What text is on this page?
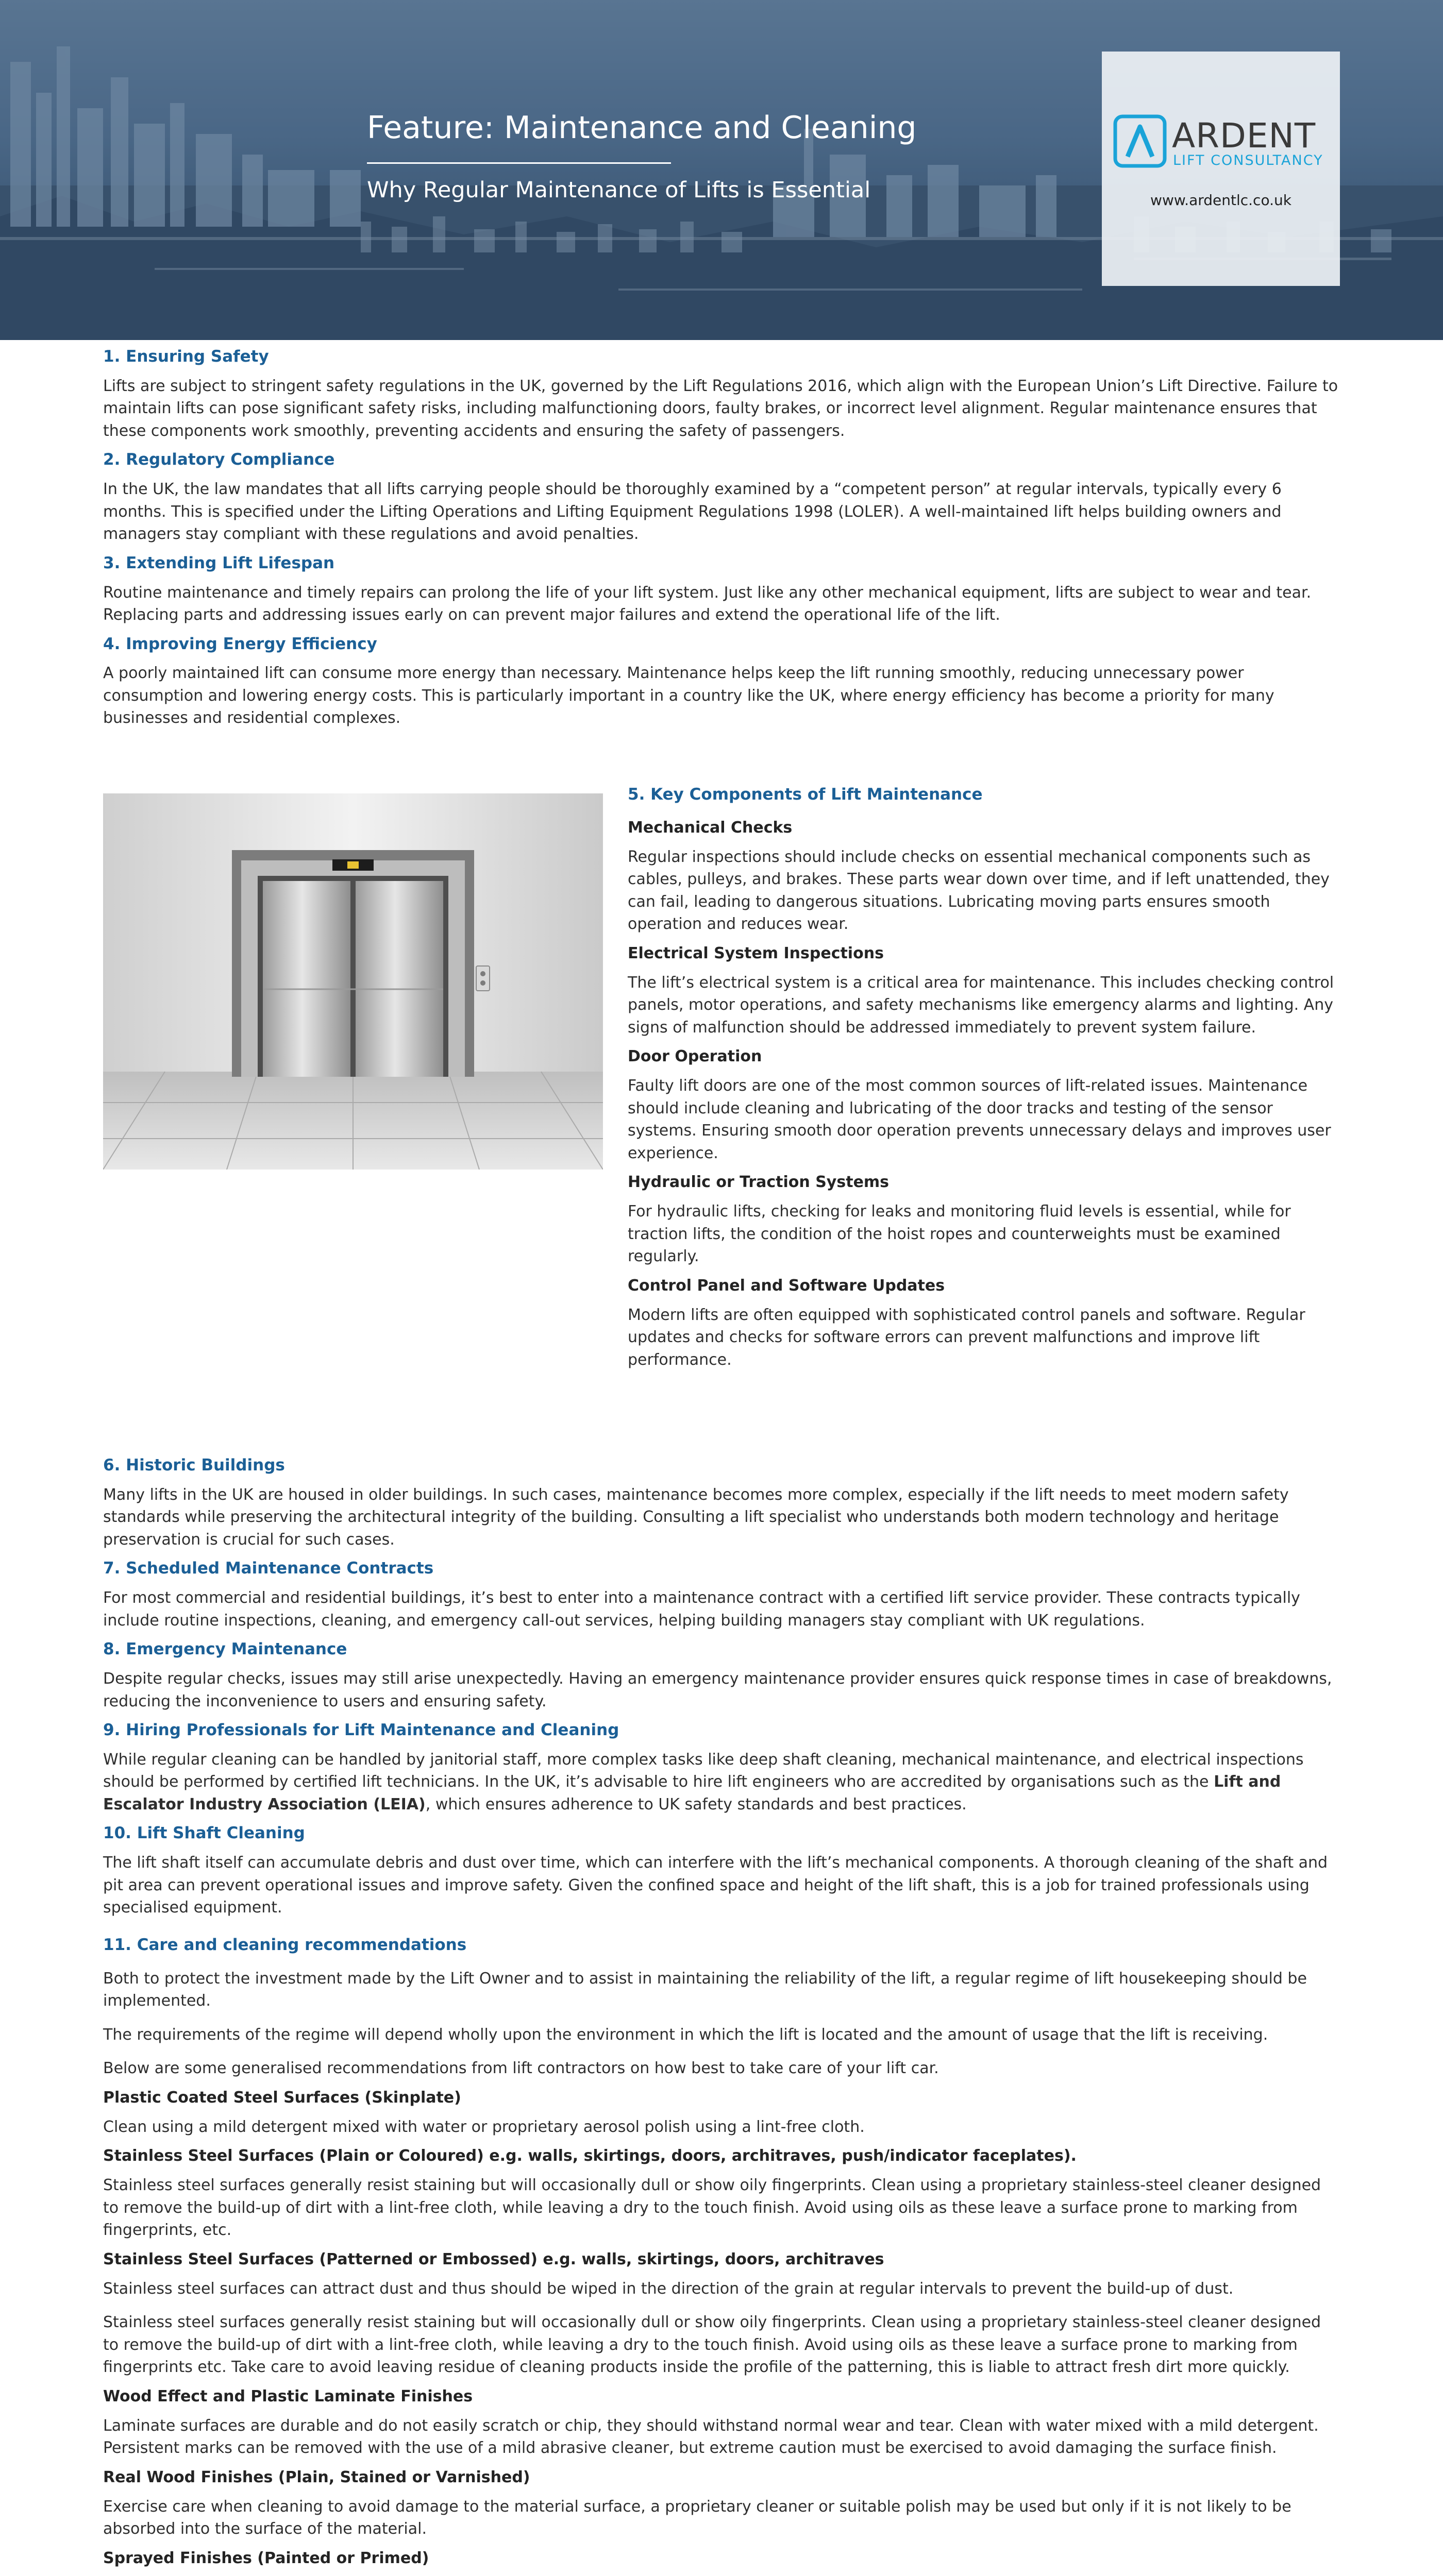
Feature: Maintenance and Cleaning
Why Regular Maintenance of Lifts is Essential
ARDENT
LIFT CONSULTANCY
www.ardentlc.co.uk
1. Ensuring Safety

Lifts are subject to stringent safety regulations in the UK, governed by the Lift Regulations 2016, which align with the European Union’s Lift Directive. Failure to maintain lifts can pose significant safety risks, including malfunctioning doors, faulty brakes, or incorrect level alignment. Regular maintenance ensures that these components work smoothly, preventing accidents and ensuring the safety of passengers.

2. Regulatory Compliance

In the UK, the law mandates that all lifts carrying people should be thoroughly examined by a “competent person” at regular intervals, typically every 6 months. This is specified under the Lifting Operations and Lifting Equipment Regulations 1998 (LOLER). A well-maintained lift helps building owners and managers stay compliant with these regulations and avoid penalties.

3. Extending Lift Lifespan

Routine maintenance and timely repairs can prolong the life of your lift system. Just like any other mechanical equipment, lifts are subject to wear and tear. Replacing parts and addressing issues early on can prevent major failures and extend the operational life of the lift.

4. Improving Energy Efficiency

A poorly maintained lift can consume more energy than necessary. Maintenance helps keep the lift running smoothly, reducing unnecessary power consumption and lowering energy costs. This is particularly important in a country like the UK, where energy efficiency has become a priority for many businesses and residential complexes.

5. Key Components of Lift Maintenance
Mechanical Checks

Regular inspections should include checks on essential mechanical components such as cables, pulleys, and brakes. These parts wear down over time, and if left unattended, they can fail, leading to dangerous situations. Lubricating moving parts ensures smooth operation and reduces wear.

Electrical System Inspections

The lift’s electrical system is a critical area for maintenance. This includes checking control panels, motor operations, and safety mechanisms like emergency alarms and lighting. Any signs of malfunction should be addressed immediately to prevent system failure.

Door Operation

Faulty lift doors are one of the most common sources of lift-related issues. Maintenance should include cleaning and lubricating of the door tracks and testing of the sensor systems. Ensuring smooth door operation prevents unnecessary delays and improves user experience.

Hydraulic or Traction Systems

For hydraulic lifts, checking for leaks and monitoring fluid levels is essential, while for traction lifts, the condition of the hoist ropes and counterweights must be examined regularly.

Control Panel and Software Updates

Modern lifts are often equipped with sophisticated control panels and software. Regular updates and checks for software errors can prevent malfunctions and improve lift performance.

6. Historic Buildings

Many lifts in the UK are housed in older buildings. In such cases, maintenance becomes more complex, especially if the lift needs to meet modern safety standards while preserving the architectural integrity of the building. Consulting a lift specialist who understands both modern technology and heritage preservation is crucial for such cases.

7. Scheduled Maintenance Contracts

For most commercial and residential buildings, it’s best to enter into a maintenance contract with a certified lift service provider. These contracts typically include routine inspections, cleaning, and emergency call-out services, helping building managers stay compliant with UK regulations.

8. Emergency Maintenance

Despite regular checks, issues may still arise unexpectedly. Having an emergency maintenance provider ensures quick response times in case of breakdowns, reducing the inconvenience to users and ensuring safety.

9. Hiring Professionals for Lift Maintenance and Cleaning

While regular cleaning can be handled by janitorial staff, more complex tasks like deep shaft cleaning, mechanical maintenance, and electrical inspections should be performed by certified lift technicians. In the UK, it’s advisable to hire lift engineers who are accredited by organisations such as the Lift and Escalator Industry Association (LEIA), which ensures adherence to UK safety standards and best practices.

10. Lift Shaft Cleaning

The lift shaft itself can accumulate debris and dust over time, which can interfere with the lift’s mechanical components. A thorough cleaning of the shaft and pit area can prevent operational issues and improve safety. Given the confined space and height of the lift shaft, this is a job for trained professionals using specialised equipment.

11. Care and cleaning recommendations

Both to protect the investment made by the Lift Owner and to assist in maintaining the reliability of the lift, a regular regime of lift housekeeping should be implemented.

The requirements of the regime will depend wholly upon the environment in which the lift is located and the amount of usage that the lift is receiving.

Below are some generalised recommendations from lift contractors on how best to take care of your lift car.

Plastic Coated Steel Surfaces (Skinplate)

Clean using a mild detergent mixed with water or proprietary aerosol polish using a lint-free cloth.

Stainless Steel Surfaces (Plain or Coloured) e.g. walls, skirtings, doors, architraves, push/indicator faceplates).

Stainless steel surfaces generally resist staining but will occasionally dull or show oily fingerprints. Clean using a proprietary stainless-steel cleaner designed to remove the build-up of dirt with a lint-free cloth, while leaving a dry to the touch finish. Avoid using oils as these leave a surface prone to marking from fingerprints, etc.

Stainless Steel Surfaces (Patterned or Embossed) e.g. walls, skirtings, doors, architraves

Stainless steel surfaces can attract dust and thus should be wiped in the direction of the grain at regular intervals to prevent the build-up of dust.

Stainless steel surfaces generally resist staining but will occasionally dull or show oily fingerprints. Clean using a proprietary stainless-steel cleaner designed to remove the build-up of dirt with a lint-free cloth, while leaving a dry to the touch finish. Avoid using oils as these leave a surface prone to marking from fingerprints etc. Take care to avoid leaving residue of cleaning products inside the profile of the patterning, this is liable to attract fresh dirt more quickly.

Wood Effect and Plastic Laminate Finishes

Laminate surfaces are durable and do not easily scratch or chip, they should withstand normal wear and tear. Clean with water mixed with a mild detergent. Persistent marks can be removed with the use of a mild abrasive cleaner, but extreme caution must be exercised to avoid damaging the surface finish.

Real Wood Finishes (Plain, Stained or Varnished)

Exercise care when cleaning to avoid damage to the material surface, a proprietary cleaner or suitable polish may be used but only if it is not likely to be absorbed into the surface of the material.

Sprayed Finishes (Painted or Primed)
